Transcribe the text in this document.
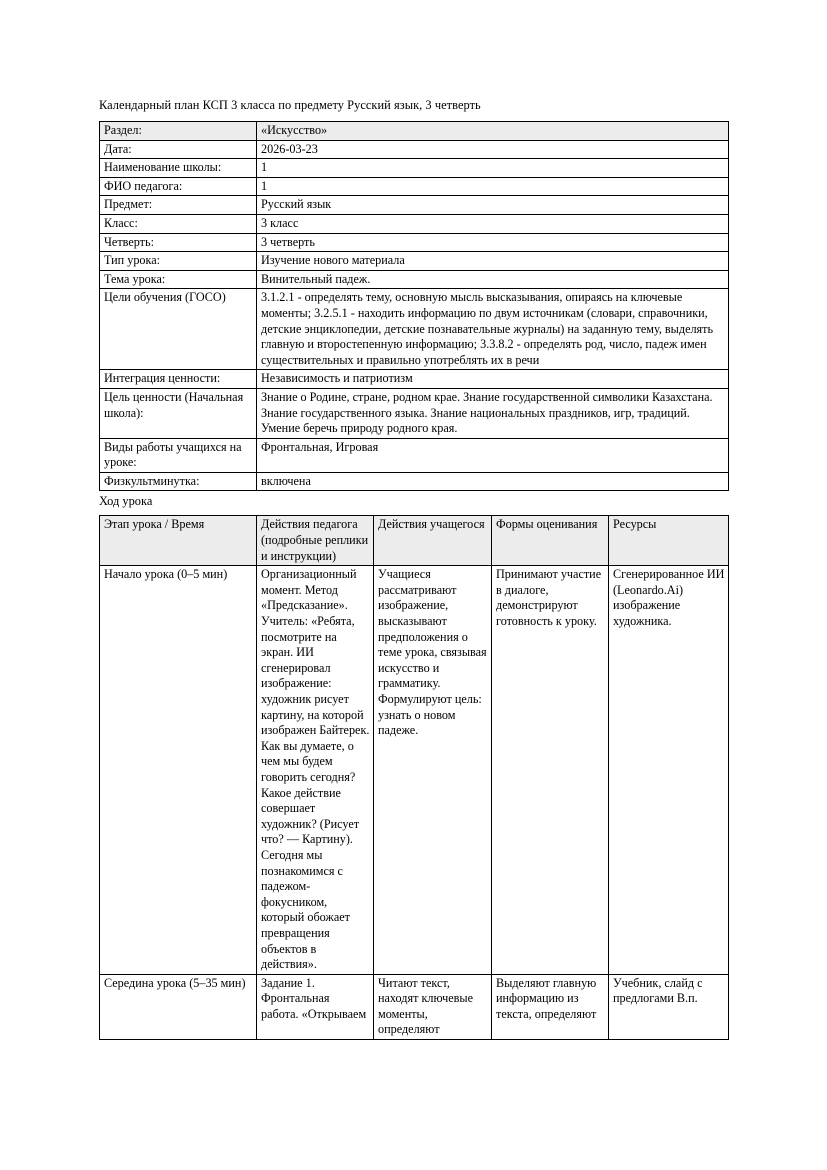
Календарный план КСП 3 класса по предмету Русский язык, 3 четверть

Раздел:	«Искусство»
Дата:	2026-03-23
Наименование школы:	1
ФИО педагога:	1
Предмет:	Русский язык
Класс:	3 класс
Четверть:	3 четверть
Тип урока:	Изучение нового материала
Тема урока:	Винительный падеж.
Цели обучения (ГОСО)	3.1.2.1 - определять тему, основную мысль высказывания, опираясь на ключевые моменты; 3.2.5.1 - находить информацию по двум источникам (словари, справочники, детские энциклопедии, детские познавательные журналы) на заданную тему, выделять главную и второстепенную информацию; 3.3.8.2 - определять род, число, падеж имен существительных и правильно употреблять их в речи
Интеграция ценности:	Независимость и патриотизм
Цель ценности (Начальная школа):	Знание о Родине, стране, родном крае. Знание государственной символики Казахстана. Знание государственного языка. Знание национальных праздников, игр, традиций. Умение беречь природу родного края.
Виды работы учащихся на уроке:	Фронтальная, Игровая
Физкультминутка:	включена

Ход урока

Этап урока / Время	Действия педагога (подробные реплики и инструкции)	Действия учащегося	Формы оценивания	Ресурсы
Начало урока (0–5 мин)	Организационный момент. Метод «Предсказание». Учитель: «Ребята, посмотрите на экран. ИИ сгенерировал изображение: художник рисует картину, на которой изображен Байтерек. Как вы думаете, о чем мы будем говорить сегодня? Какое действие совершает художник? (Рисует что? — Картину). Сегодня мы познакомимся с падежом-фокусником, который обожает превращения объектов в действия».	Учащиеся рассматривают изображение, высказывают предположения о теме урока, связывая искусство и грамматику. Формулируют цель: узнать о новом падеже.	Принимают участие в диалоге, демонстрируют готовность к уроку.	Сгенерированное ИИ (Leonardo.Ai) изображение художника.
Середина урока (5–35 мин)	Задание 1. Фронтальная работа. «Открываем	Читают текст, находят ключевые моменты, определяют	Выделяют главную информацию из текста, определяют	Учебник, слайд с предлогами В.п.
